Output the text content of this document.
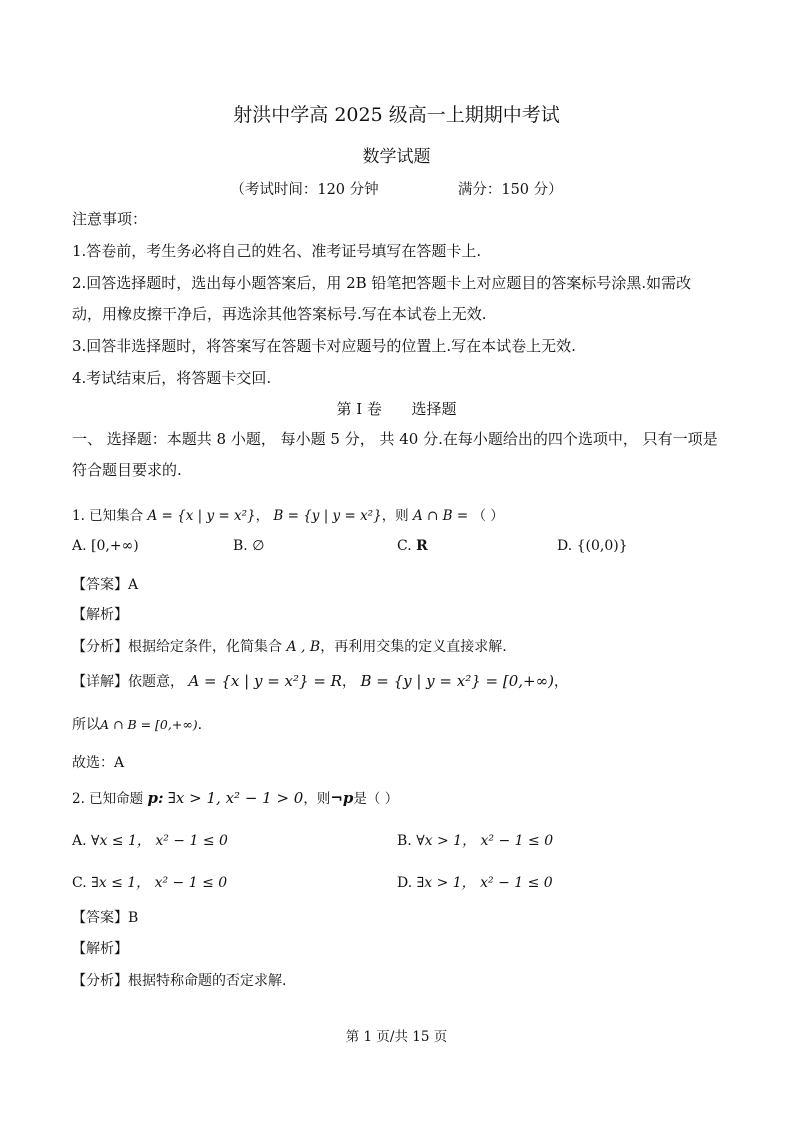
射洪中学高 2025 级高一上期期中考试
数学试题
（考试时间：120 分钟	满分：150 分）
注意事项：
1.答卷前，考生务必将自己的姓名、准考证号填写在答题卡上.
2.回答选择题时，选出每小题答案后，用 2B 铅笔把答题卡上对应题目的答案标号涂黑.如需改
动，用橡皮擦干净后，再选涂其他答案标号.写在本试卷上无效.
3.回答非选择题时，将答案写在答题卡对应题号的位置上.写在本试卷上无效.
4.考试结束后，将答题卡交回.
第 I 卷 选择题
一、 选择题：本题共 8 小题， 每小题 5 分， 共 40 分.在每小题给出的四个选项中， 只有一项是
符合题目要求的.
1. 已知集合 A = {x | y = x²}， B = {y | y = x²}，则 A ∩ B = （ ）
A. [0,+∞)	B. ∅	C. R	D. {(0,0)}
【答案】A
【解析】
【分析】根据给定条件，化简集合 A , B，再利用交集的定义直接求解.
【详解】依题意， A = {x | y = x²} = R， B = {y | y = x²} = [0,+∞)，
所以A ∩ B = [0,+∞).
故选：A
2. 已知命题 p: ∃x > 1, x² − 1 > 0，则¬p是（ ）
A. ∀x ≤ 1， x² − 1 ≤ 0	B. ∀x > 1， x² − 1 ≤ 0
C. ∃x ≤ 1， x² − 1 ≤ 0	D. ∃x > 1， x² − 1 ≤ 0
【答案】B
【解析】
【分析】根据特称命题的否定求解.
第 1 页/共 15 页
